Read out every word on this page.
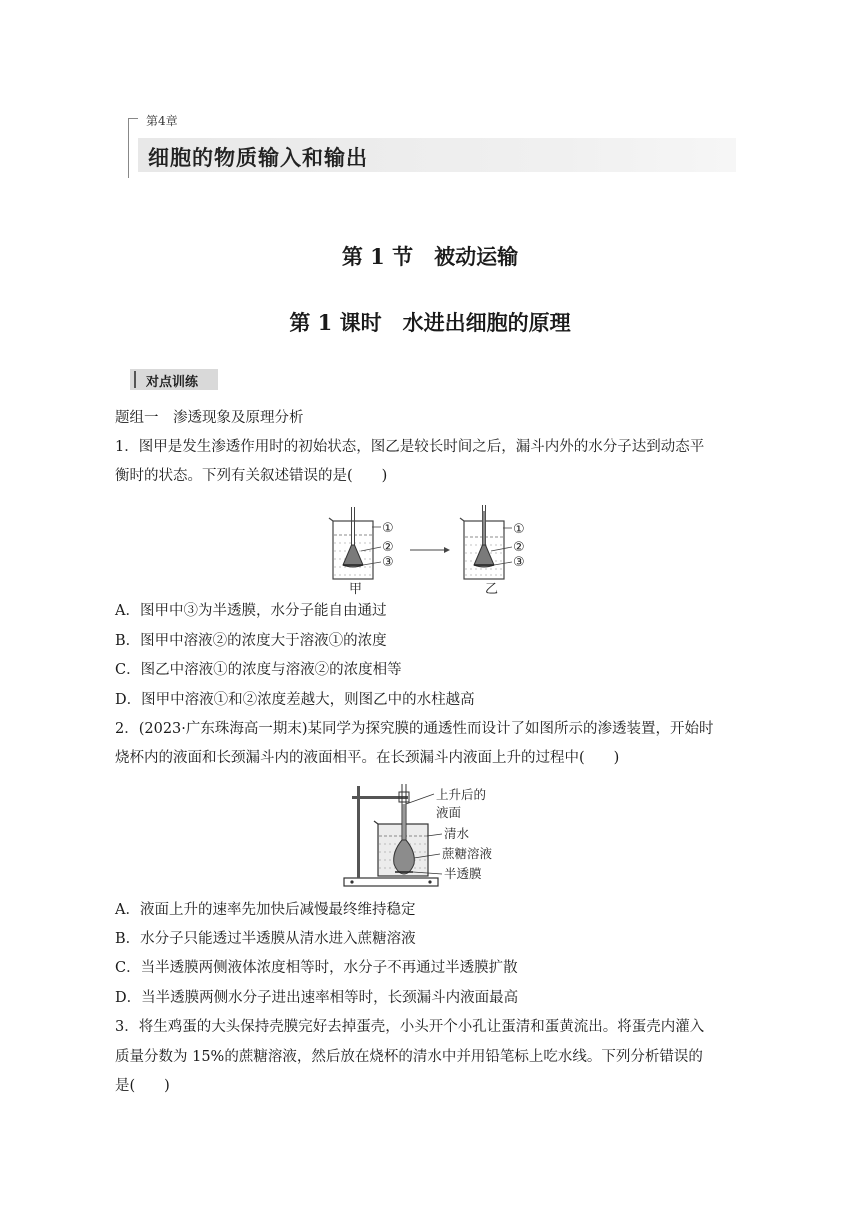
第4章
细胞的物质输入和输出
第 1 节　被动运输
第 1 课时　水进出细胞的原理
对点训练
题组一　渗透现象及原理分析
1．图甲是发生渗透作用时的初始状态，图乙是较长时间之后，漏斗内外的水分子达到动态平
衡时的状态。下列有关叙述错误的是(　　)
①
②
③
甲
①
②
③
乙
A．图甲中③为半透膜，水分子能自由通过
B．图甲中溶液②的浓度大于溶液①的浓度
C．图乙中溶液①的浓度与溶液②的浓度相等
D．图甲中溶液①和②浓度差越大，则图乙中的水柱越高
2．(2023·广东珠海高一期末)某同学为探究膜的通透性而设计了如图所示的渗透装置，开始时
烧杯内的液面和长颈漏斗内的液面相平。在长颈漏斗内液面上升的过程中(　　)
上升后的
液面
清水
蔗糖溶液
半透膜
A．液面上升的速率先加快后减慢最终维持稳定
B．水分子只能透过半透膜从清水进入蔗糖溶液
C．当半透膜两侧液体浓度相等时，水分子不再通过半透膜扩散
D．当半透膜两侧水分子进出速率相等时，长颈漏斗内液面最高
3．将生鸡蛋的大头保持壳膜完好去掉蛋壳，小头开个小孔让蛋清和蛋黄流出。将蛋壳内灌入
质量分数为 15%的蔗糖溶液，然后放在烧杯的清水中并用铅笔标上吃水线。下列分析错误的
是(　　)
